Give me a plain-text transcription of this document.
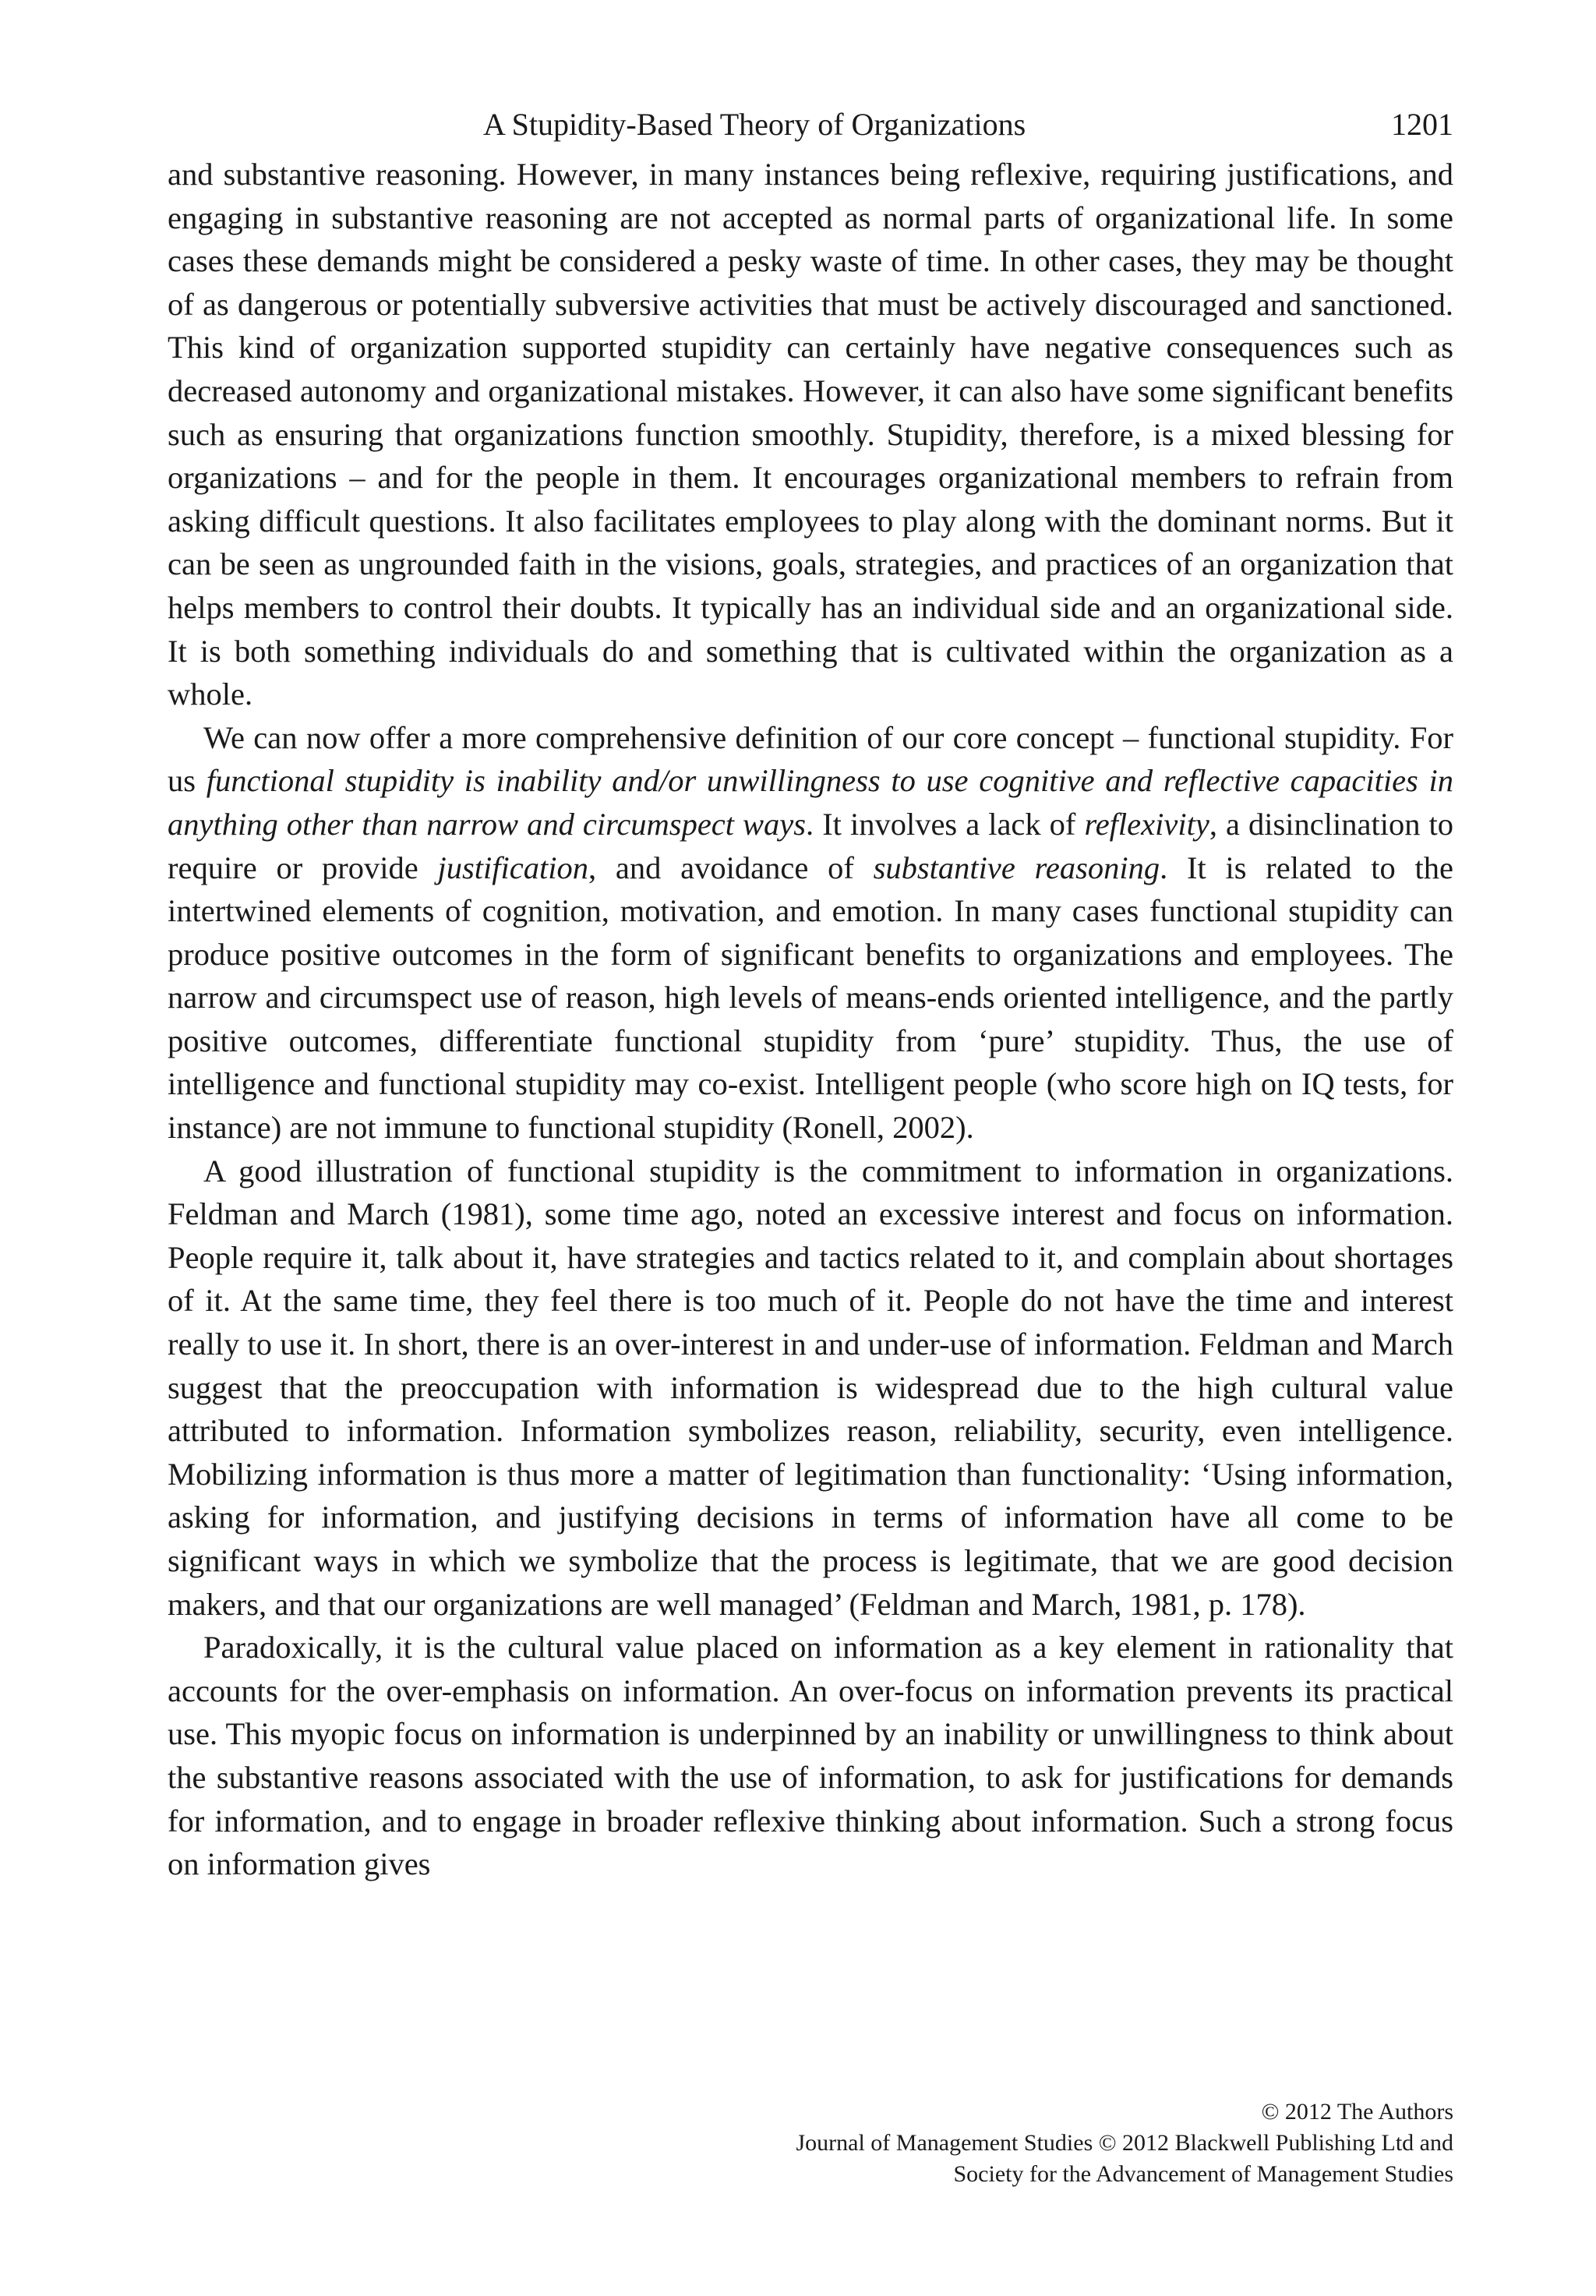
A Stupidity-Based Theory of Organizations	1201

and substantive reasoning. However, in many instances being reflexive, requiring justifications, and engaging in substantive reasoning are not accepted as normal parts of organizational life. In some cases these demands might be considered a pesky waste of time. In other cases, they may be thought of as dangerous or potentially subversive activities that must be actively discouraged and sanctioned. This kind of organization supported stupidity can certainly have negative consequences such as decreased autonomy and organizational mistakes. However, it can also have some significant benefits such as ensuring that organizations function smoothly. Stupidity, therefore, is a mixed blessing for organizations – and for the people in them. It encourages organizational members to refrain from asking difficult questions. It also facilitates employees to play along with the dominant norms. But it can be seen as ungrounded faith in the visions, goals, strategies, and practices of an organization that helps members to control their doubts. It typically has an individual side and an organizational side. It is both something individuals do and something that is cultivated within the organization as a whole.

We can now offer a more comprehensive definition of our core concept – functional stupidity. For us functional stupidity is inability and/or unwillingness to use cognitive and reflective capacities in anything other than narrow and circumspect ways. It involves a lack of reflexivity, a disinclination to require or provide justification, and avoidance of substantive reasoning. It is related to the intertwined elements of cognition, motivation, and emotion. In many cases functional stupidity can produce positive outcomes in the form of significant benefits to organizations and employees. The narrow and circumspect use of reason, high levels of means-ends oriented intelligence, and the partly positive outcomes, differentiate functional stupidity from ‘pure’ stupidity. Thus, the use of intelligence and functional stupidity may co-exist. Intelligent people (who score high on IQ tests, for instance) are not immune to functional stupidity (Ronell, 2002).

A good illustration of functional stupidity is the commitment to information in organizations. Feldman and March (1981), some time ago, noted an excessive interest and focus on information. People require it, talk about it, have strategies and tactics related to it, and complain about shortages of it. At the same time, they feel there is too much of it. People do not have the time and interest really to use it. In short, there is an over-interest in and under-use of information. Feldman and March suggest that the preoccupation with information is widespread due to the high cultural value attributed to information. Information symbolizes reason, reliability, security, even intelligence. Mobilizing information is thus more a matter of legitimation than functionality: ‘Using information, asking for information, and justifying decisions in terms of information have all come to be significant ways in which we symbolize that the process is legitimate, that we are good decision makers, and that our organizations are well managed’ (Feldman and March, 1981, p. 178).

Paradoxically, it is the cultural value placed on information as a key element in rationality that accounts for the over-emphasis on information. An over-focus on information prevents its practical use. This myopic focus on information is underpinned by an inability or unwillingness to think about the substantive reasons associated with the use of information, to ask for justifications for demands for information, and to engage in broader reflexive thinking about information. Such a strong focus on information gives

© 2012 The Authors
Journal of Management Studies © 2012 Blackwell Publishing Ltd and
Society for the Advancement of Management Studies
